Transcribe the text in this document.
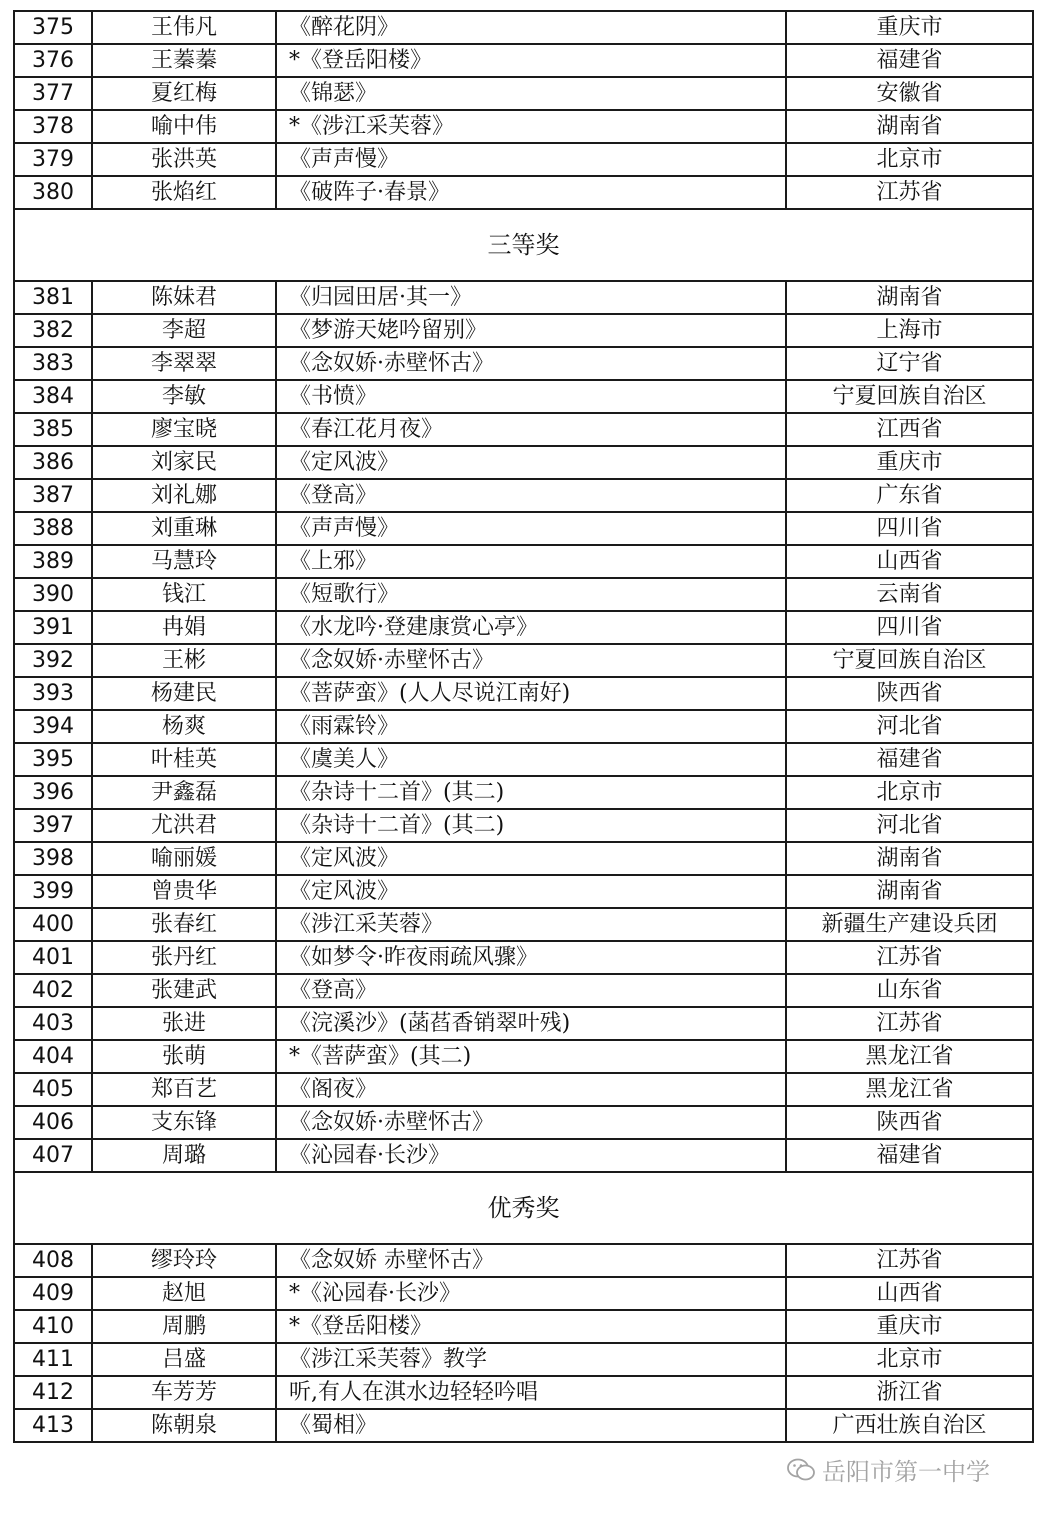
375	王伟凡	《醉花阴》	重庆市
376	王蓁蓁	*《登岳阳楼》	福建省
377	夏红梅	《锦瑟》	安徽省
378	喻中伟	*《涉江采芙蓉》	湖南省
379	张洪英	《声声慢》	北京市
380	张焰红	《破阵子·春景》	江苏省
三等奖			
381	陈妹君	《归园田居·其一》	湖南省
382	李超	《梦游天姥吟留别》	上海市
383	李翠翠	《念奴娇·赤壁怀古》	辽宁省
384	李敏	《书愤》	宁夏回族自治区
385	廖宝晓	《春江花月夜》	江西省
386	刘家民	《定风波》	重庆市
387	刘礼娜	《登高》	广东省
388	刘重琳	《声声慢》	四川省
389	马慧玲	《上邪》	山西省
390	钱江	《短歌行》	云南省
391	冉娟	《水龙吟·登建康赏心亭》	四川省
392	王彬	《念奴娇·赤壁怀古》	宁夏回族自治区
393	杨建民	《菩萨蛮》(人人尽说江南好)	陕西省
394	杨爽	《雨霖铃》	河北省
395	叶桂英	《虞美人》	福建省
396	尹鑫磊	《杂诗十二首》(其二)	北京市
397	尤洪君	《杂诗十二首》(其二)	河北省
398	喻丽媛	《定风波》	湖南省
399	曾贵华	《定风波》	湖南省
400	张春红	《涉江采芙蓉》	新疆生产建设兵团
401	张丹红	《如梦令·昨夜雨疏风骤》	江苏省
402	张建武	《登高》	山东省
403	张进	《浣溪沙》(菡萏香销翠叶残)	江苏省
404	张萌	*《菩萨蛮》(其二)	黑龙江省
405	郑百艺	《阁夜》	黑龙江省
406	支东锋	《念奴娇·赤壁怀古》	陕西省
407	周璐	《沁园春·长沙》	福建省
优秀奖			
408	缪玲玲	《念奴娇 赤壁怀古》	江苏省
409	赵旭	*《沁园春·长沙》	山西省
410	周鹏	*《登岳阳楼》	重庆市
411	吕盛	《涉江采芙蓉》教学	北京市
412	车芳芳	听,有人在淇水边轻轻吟唱	浙江省
413	陈朝泉	《蜀相》	广西壮族自治区
岳阳市第一中学
